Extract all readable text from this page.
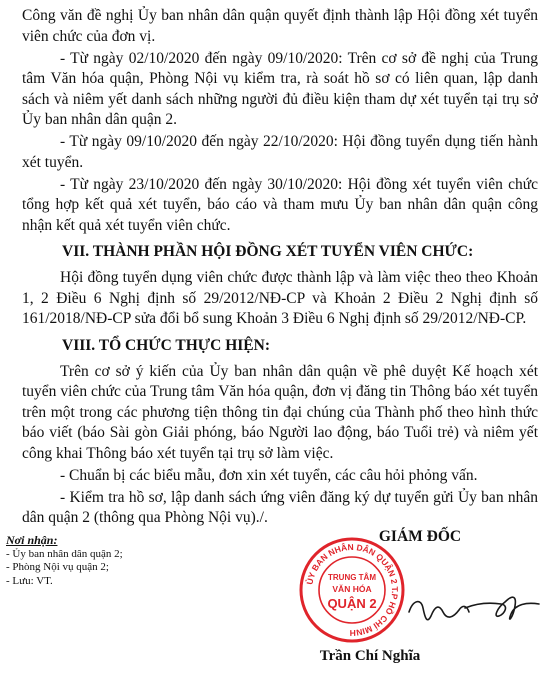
Công văn đề nghị Ủy ban nhân dân quận quyết định thành lập Hội đồng xét tuyển viên chức của đơn vị.

- Từ ngày 02/10/2020 đến ngày 09/10/2020: Trên cơ sở đề nghị của Trung tâm Văn hóa quận, Phòng Nội vụ kiểm tra, rà soát hồ sơ có liên quan, lập danh sách và niêm yết danh sách những người đủ điều kiện tham dự xét tuyển tại trụ sở Ủy ban nhân dân quận 2.

- Từ ngày 09/10/2020 đến ngày 22/10/2020: Hội đồng tuyển dụng tiến hành xét tuyển.

- Từ ngày 23/10/2020 đến ngày 30/10/2020: Hội đồng xét tuyển viên chức tổng hợp kết quả xét tuyển, báo cáo và tham mưu Ủy ban nhân dân quận công nhận kết quả xét tuyển viên chức.

VII. THÀNH PHẦN HỘI ĐỒNG XÉT TUYỂN VIÊN CHỨC:

Hội đồng tuyển dụng viên chức được thành lập và làm việc theo theo Khoản 1, 2 Điều 6 Nghị định số 29/2012/NĐ-CP và Khoản 2 Điều 2 Nghị định số 161/2018/NĐ-CP sửa đổi bổ sung Khoản 3 Điều 6 Nghị định số 29/2012/NĐ-CP.

VIII. TỔ CHỨC THỰC HIỆN:

Trên cơ sở ý kiến của Ủy ban nhân dân quận về phê duyệt Kế hoạch xét tuyển viên chức của Trung tâm Văn hóa quận, đơn vị đăng tin Thông báo xét tuyển trên một trong các phương tiện thông tin đại chúng của Thành phố theo hình thức báo viết (báo Sài gòn Giải phóng, báo Người lao động, báo Tuổi trẻ) và niêm yết công khai Thông báo xét tuyển tại trụ sở làm việc.

- Chuẩn bị các biểu mẫu, đơn xin xét tuyển, các câu hỏi phỏng vấn.

- Kiểm tra hồ sơ, lập danh sách ứng viên đăng ký dự tuyển gửi Ủy ban nhân dân quận 2 (thông qua Phòng Nội vụ)./.

Nơi nhận:
- Ủy ban nhân dân quận 2;
- Phòng Nội vụ quận 2;
- Lưu: VT.
GIÁM ĐỐC
ỦY BAN NHÂN DÂN QUẬN 2 T.P HỒ CHÍ MINH
TRUNG TÂM
VĂN HÓA
QUẬN 2
Trần Chí Nghĩa
